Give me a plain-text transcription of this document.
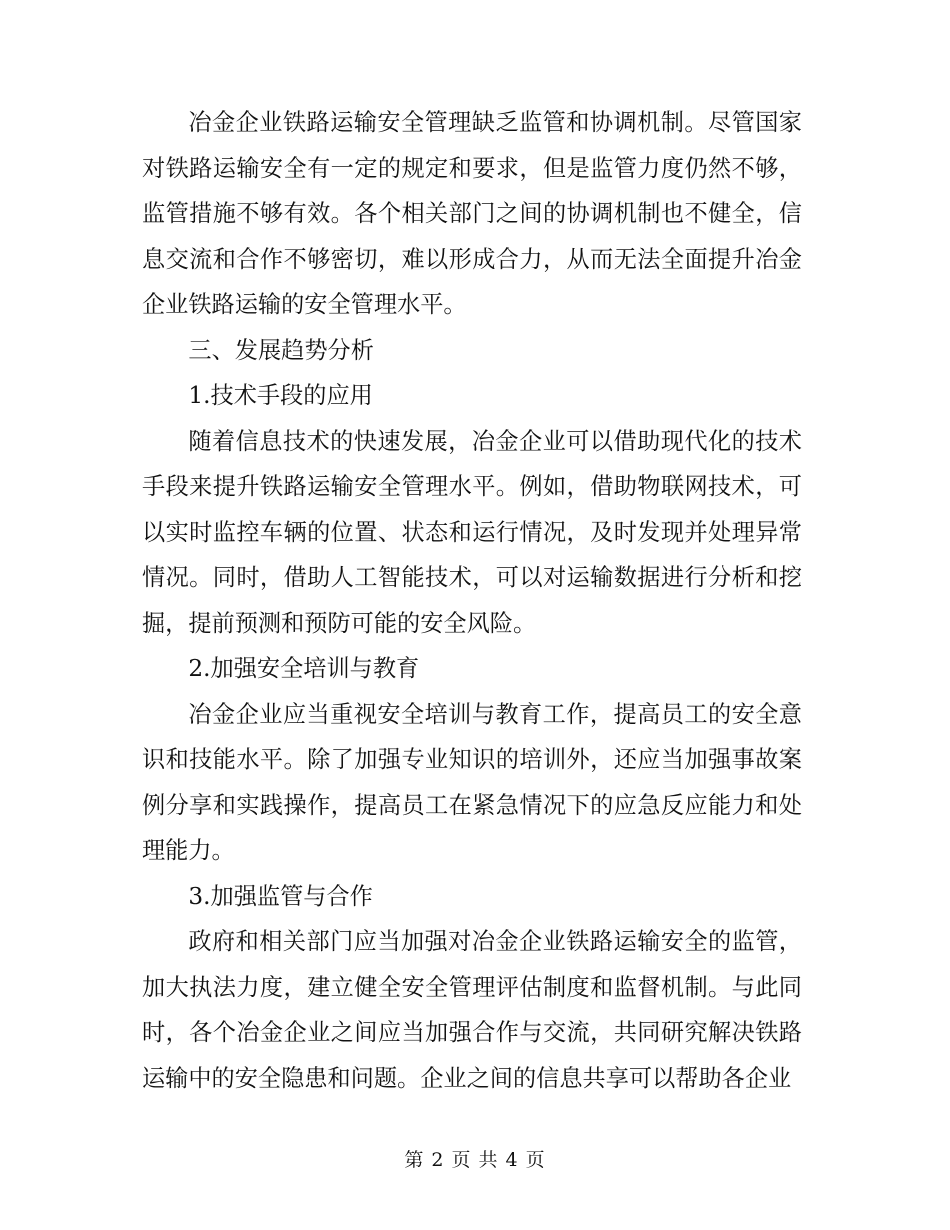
冶金企业铁路运输安全管理缺乏监管和协调机制。尽管国家对铁路运输安全有一定的规定和要求，但是监管力度仍然不够，监管措施不够有效。各个相关部门之间的协调机制也不健全，信息交流和合作不够密切，难以形成合力，从而无法全面提升冶金企业铁路运输的安全管理水平。

三、发展趋势分析

1.技术手段的应用

随着信息技术的快速发展，冶金企业可以借助现代化的技术手段来提升铁路运输安全管理水平。例如，借助物联网技术，可以实时监控车辆的位置、状态和运行情况，及时发现并处理异常情况。同时，借助人工智能技术，可以对运输数据进行分析和挖掘，提前预测和预防可能的安全风险。

2.加强安全培训与教育

冶金企业应当重视安全培训与教育工作，提高员工的安全意识和技能水平。除了加强专业知识的培训外，还应当加强事故案例分享和实践操作，提高员工在紧急情况下的应急反应能力和处理能力。

3.加强监管与合作

政府和相关部门应当加强对冶金企业铁路运输安全的监管，加大执法力度，建立健全安全管理评估制度和监督机制。与此同时，各个冶金企业之间应当加强合作与交流，共同研究解决铁路运输中的安全隐患和问题。企业之间的信息共享可以帮助各企业

第 2 页 共 4 页
